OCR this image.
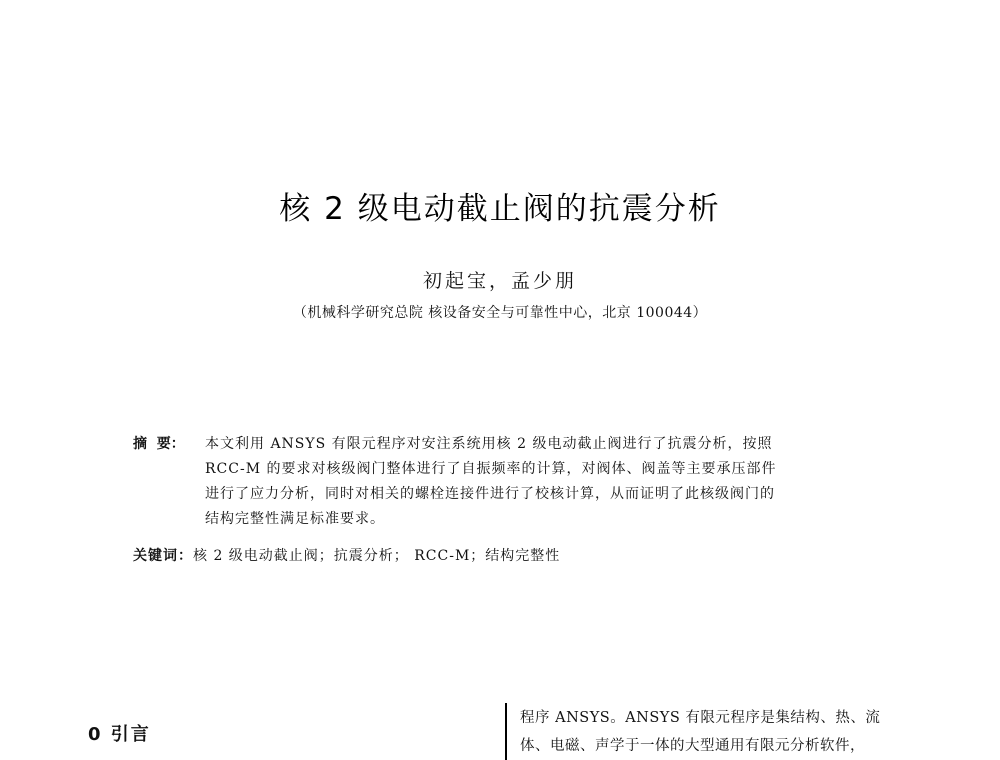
核 2 级电动截止阀的抗震分析
初起宝，孟少朋
（机械科学研究总院 核设备安全与可靠性中心，北京 100044）
摘  要：	本文利用 ANSYS 有限元程序对安注系统用核 2 级电动截止阀进行了抗震分析，按照
RCC-M 的要求对核级阀门整体进行了自振频率的计算，对阀体、阀盖等主要承压部件
进行了应力分析，同时对相关的螺栓连接件进行了校核计算，从而证明了此核级阀门的
结构完整性满足标准要求。
关键词：核 2 级电动截止阀；抗震分析； RCC-M；结构完整性
0 引言
程序 ANSYS。ANSYS 有限元程序是集结构、热、流
体、电磁、声学于一体的大型通用有限元分析软件，
